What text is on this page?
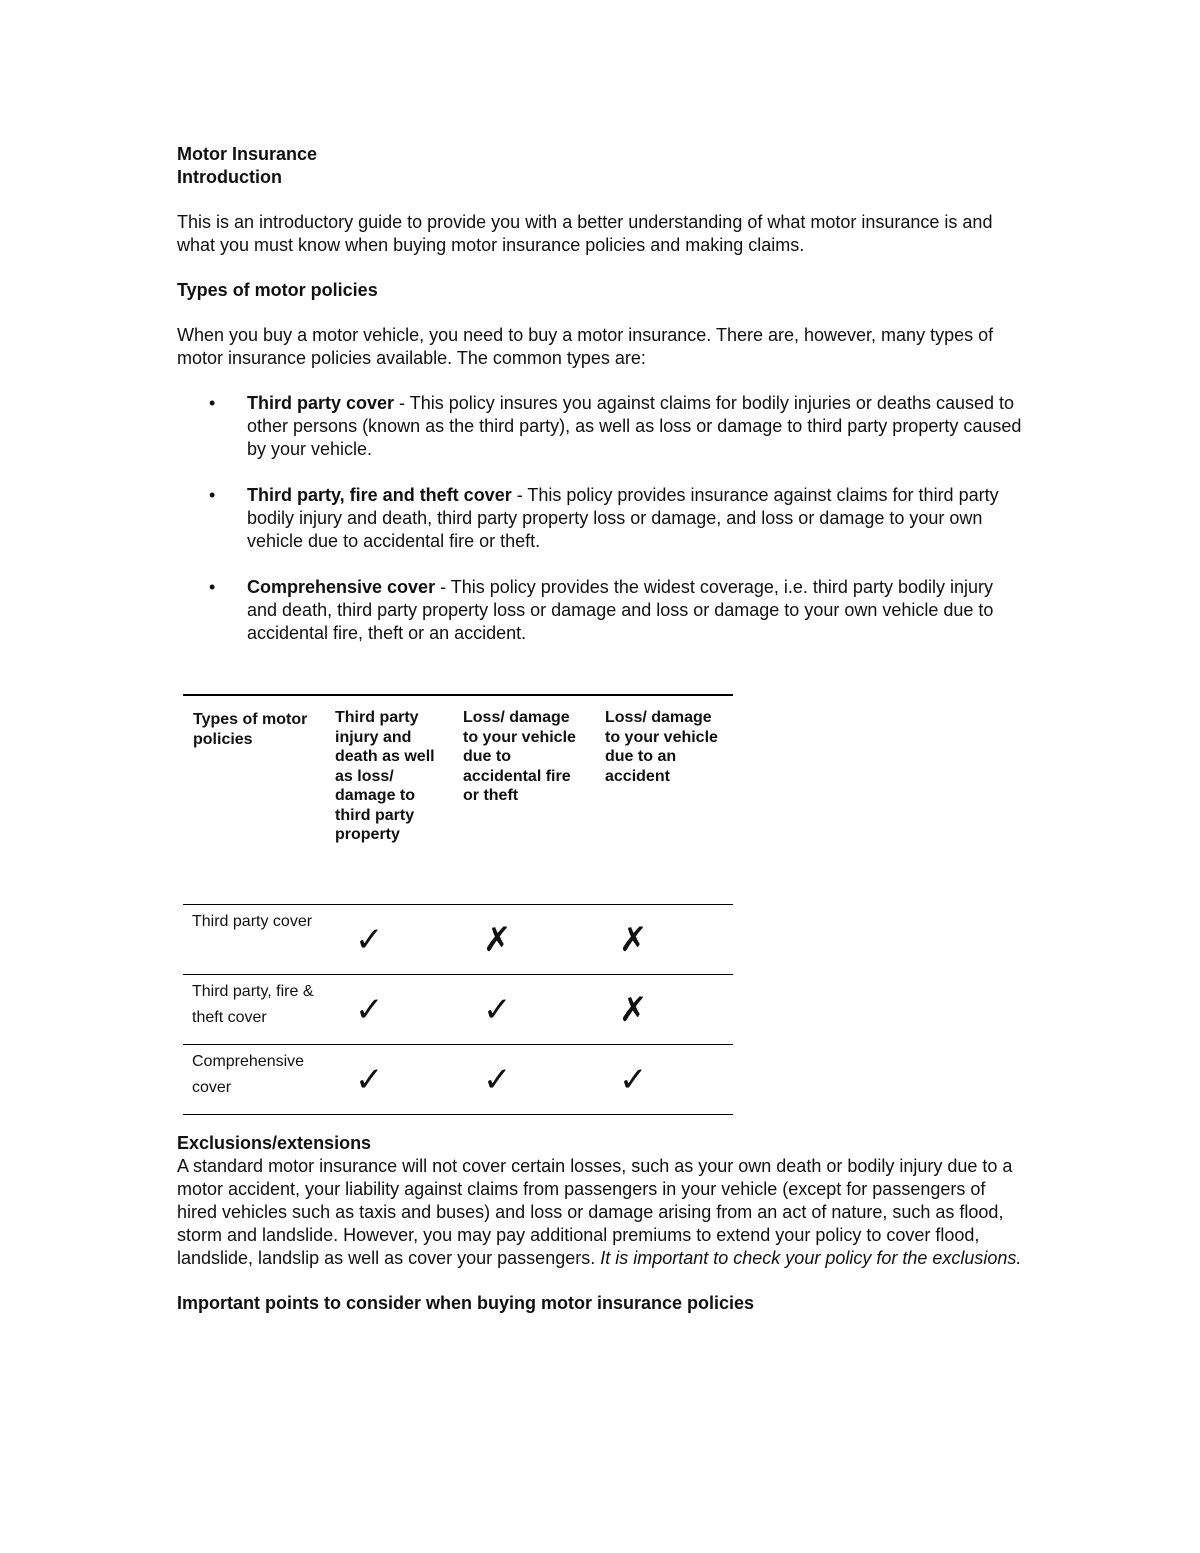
Motor Insurance

Introduction

This is an introductory guide to provide you with a better understanding of what motor insurance is and what you must know when buying motor insurance policies and making claims.

Types of motor policies

When you buy a motor vehicle, you need to buy a motor insurance. There are, however, many types of motor insurance policies available. The common types are:

• Third party cover - This policy insures you against claims for bodily injuries or deaths caused to other persons (known as the third party), as well as loss or damage to third party property caused by your vehicle.
• Third party, fire and theft cover - This policy provides insurance against claims for third party bodily injury and death, third party property loss or damage, and loss or damage to your own vehicle due to accidental fire or theft.
• Comprehensive cover - This policy provides the widest coverage, i.e. third party bodily injury and death, third party property loss or damage and loss or damage to your own vehicle due to accidental fire, theft or an accident.
Types of motor policies	Third party injury and death as well as loss/ damage to third party property	Loss/ damage to your vehicle due to accidental fire or theft	Loss/ damage to your vehicle due to an accident
Third party cover	✓	✗	✗
Third party, fire & theft cover	✓	✓	✗
Comprehensive cover	✓	✓	✓

Exclusions/extensions

A standard motor insurance will not cover certain losses, such as your own death or bodily injury due to a motor accident, your liability against claims from passengers in your vehicle (except for passengers of hired vehicles such as taxis and buses) and loss or damage arising from an act of nature, such as flood, storm and landslide. However, you may pay additional premiums to extend your policy to cover flood, landslide, landslip as well as cover your passengers. It is important to check your policy for the exclusions.

Important points to consider when buying motor insurance policies
